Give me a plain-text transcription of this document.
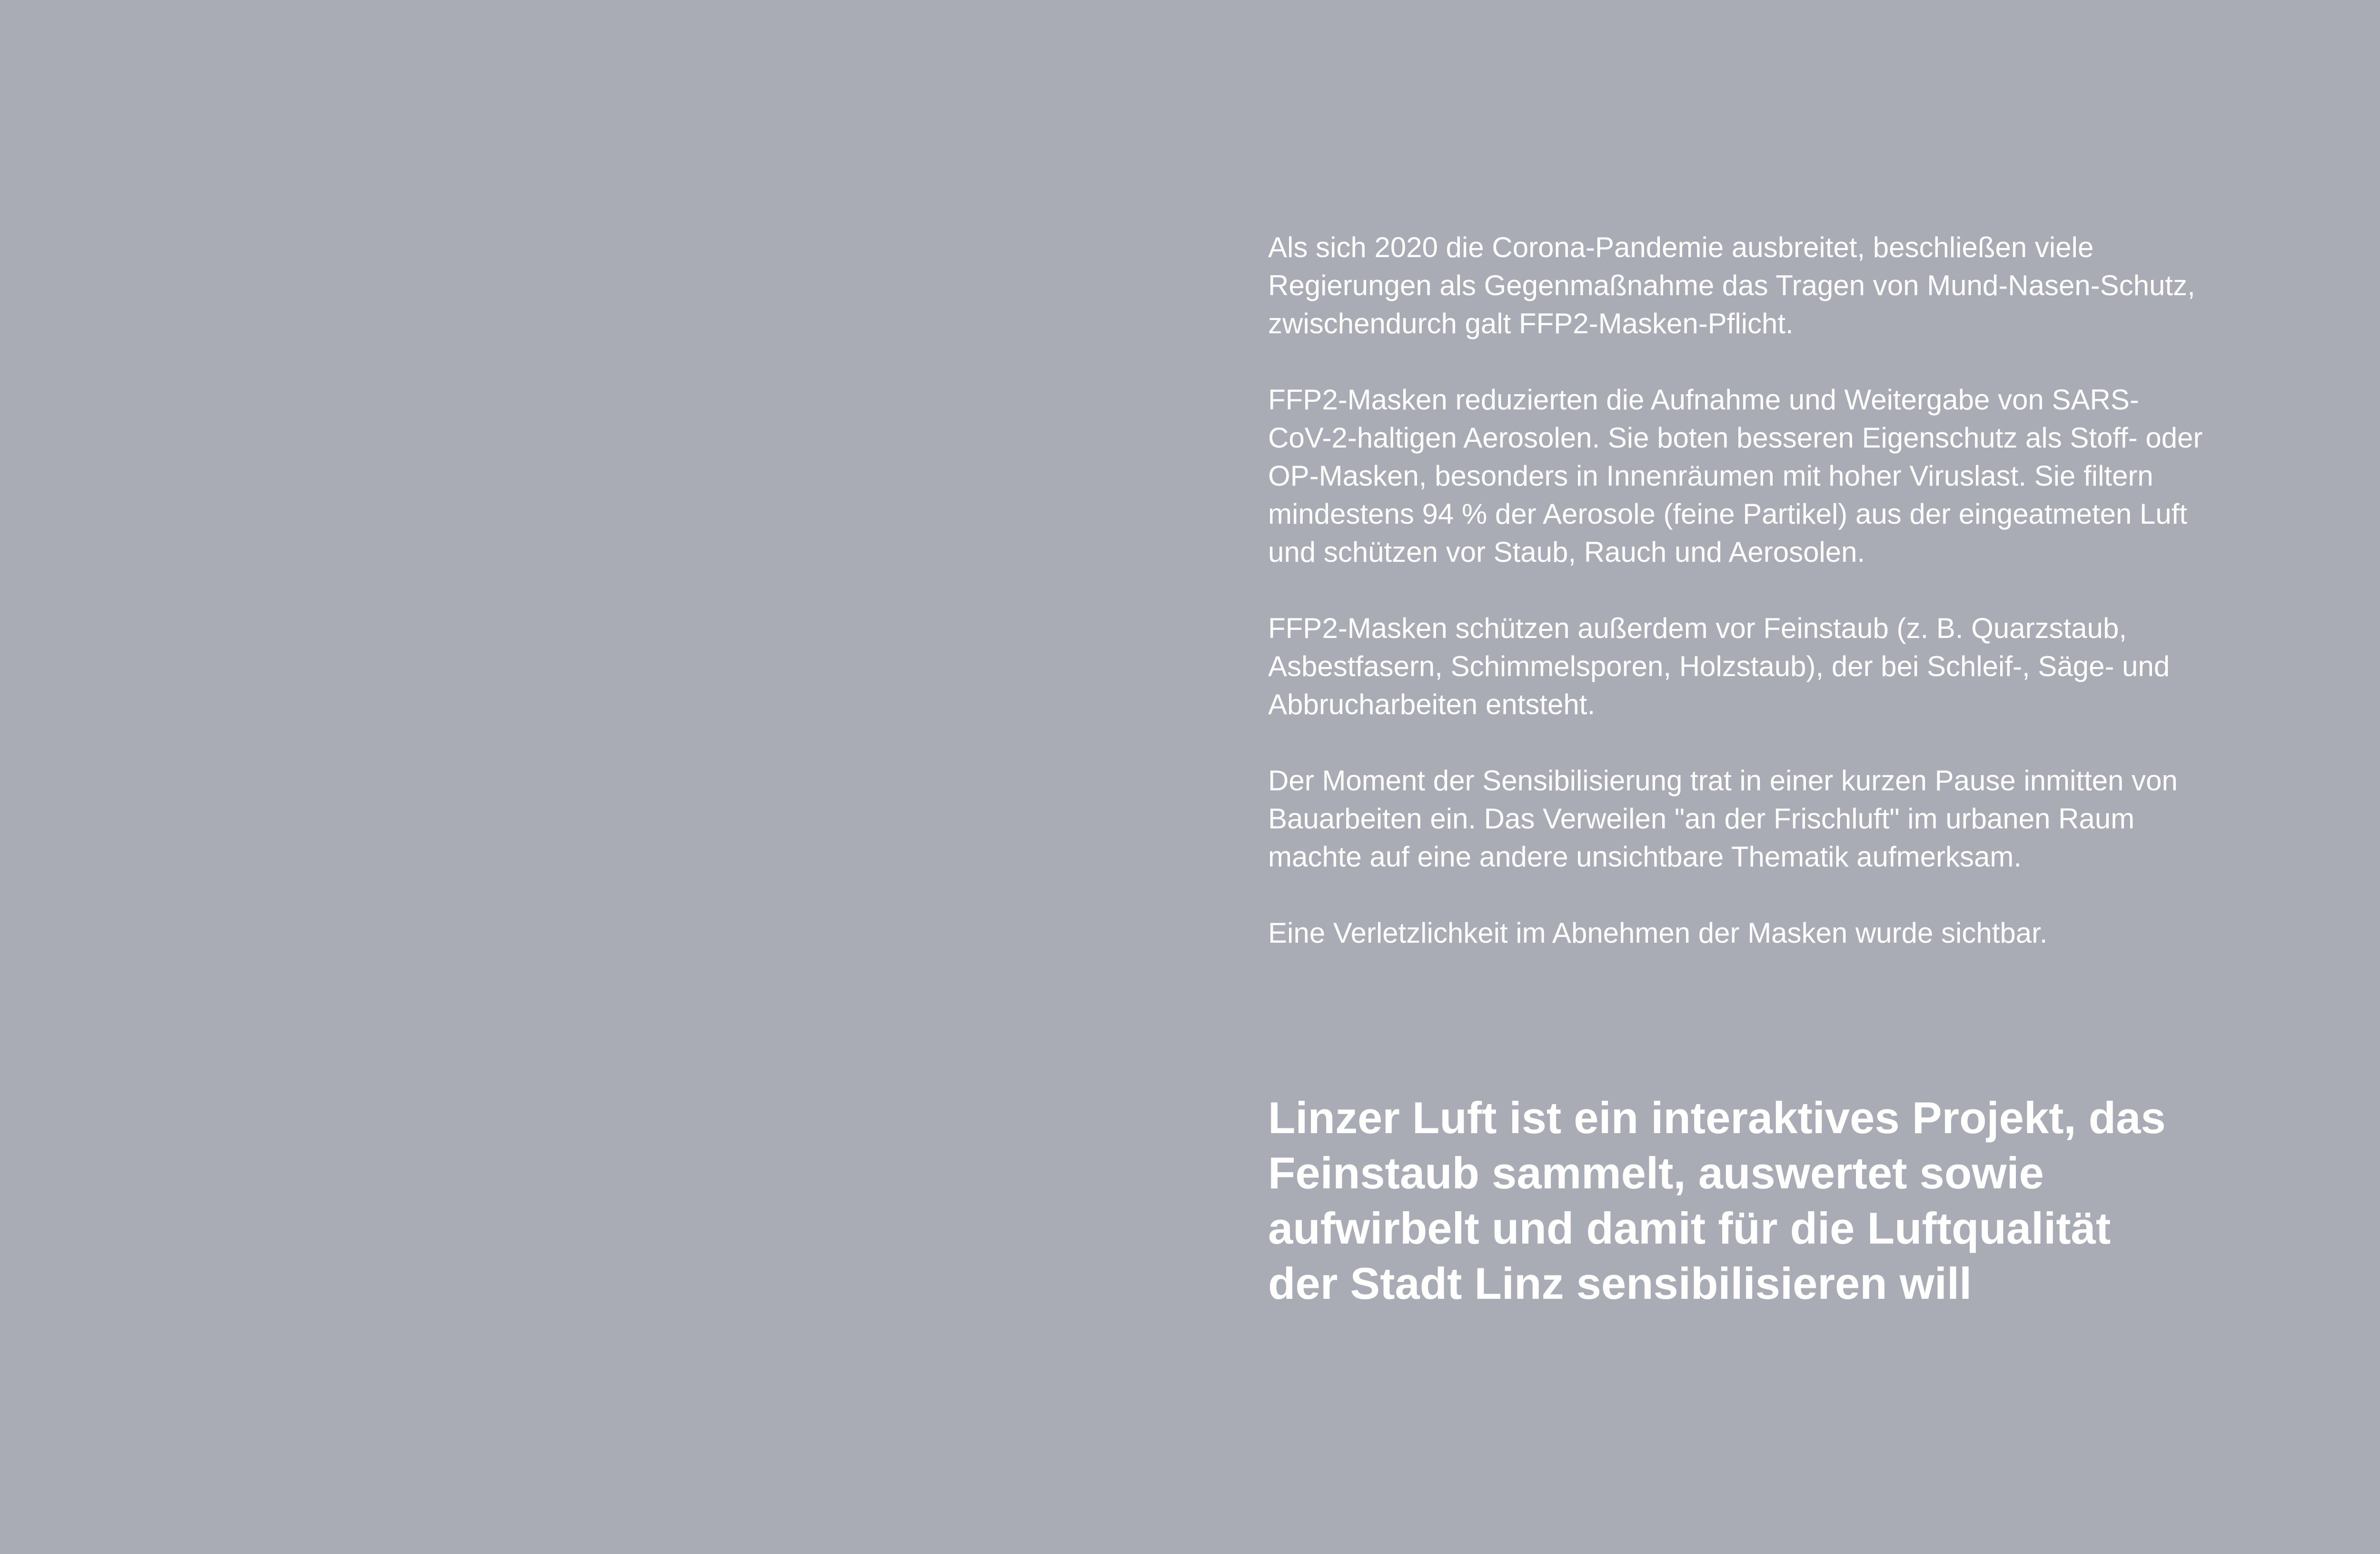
Als sich 2020 die Corona-Pandemie ausbreitet, beschließen viele
Regierungen als Gegenmaßnahme das Tragen von Mund-Nasen-Schutz,
zwischendurch galt FFP2-Masken-Pflicht.

FFP2-Masken reduzierten die Aufnahme und Weitergabe von SARS-
CoV-2-haltigen Aerosolen. Sie boten besseren Eigenschutz als Stoff- oder
OP-Masken, besonders in Innenräumen mit hoher Viruslast. Sie filtern
mindestens 94 % der Aerosole (feine Partikel) aus der eingeatmeten Luft
und schützen vor Staub, Rauch und Aerosolen.

FFP2-Masken schützen außerdem vor Feinstaub (z. B. Quarzstaub,
Asbestfasern, Schimmelsporen, Holzstaub), der bei Schleif-, Säge- und
Abbrucharbeiten entsteht.

Der Moment der Sensibilisierung trat in einer kurzen Pause inmitten von
Bauarbeiten ein. Das Verweilen "an der Frischluft" im urbanen Raum
machte auf eine andere unsichtbare Thematik aufmerksam.

Eine Verletzlichkeit im Abnehmen der Masken wurde sichtbar.

Linzer Luft ist ein interaktives Projekt, das
Feinstaub sammelt, auswertet sowie
aufwirbelt und damit für die Luftqualität
der Stadt Linz sensibilisieren will
